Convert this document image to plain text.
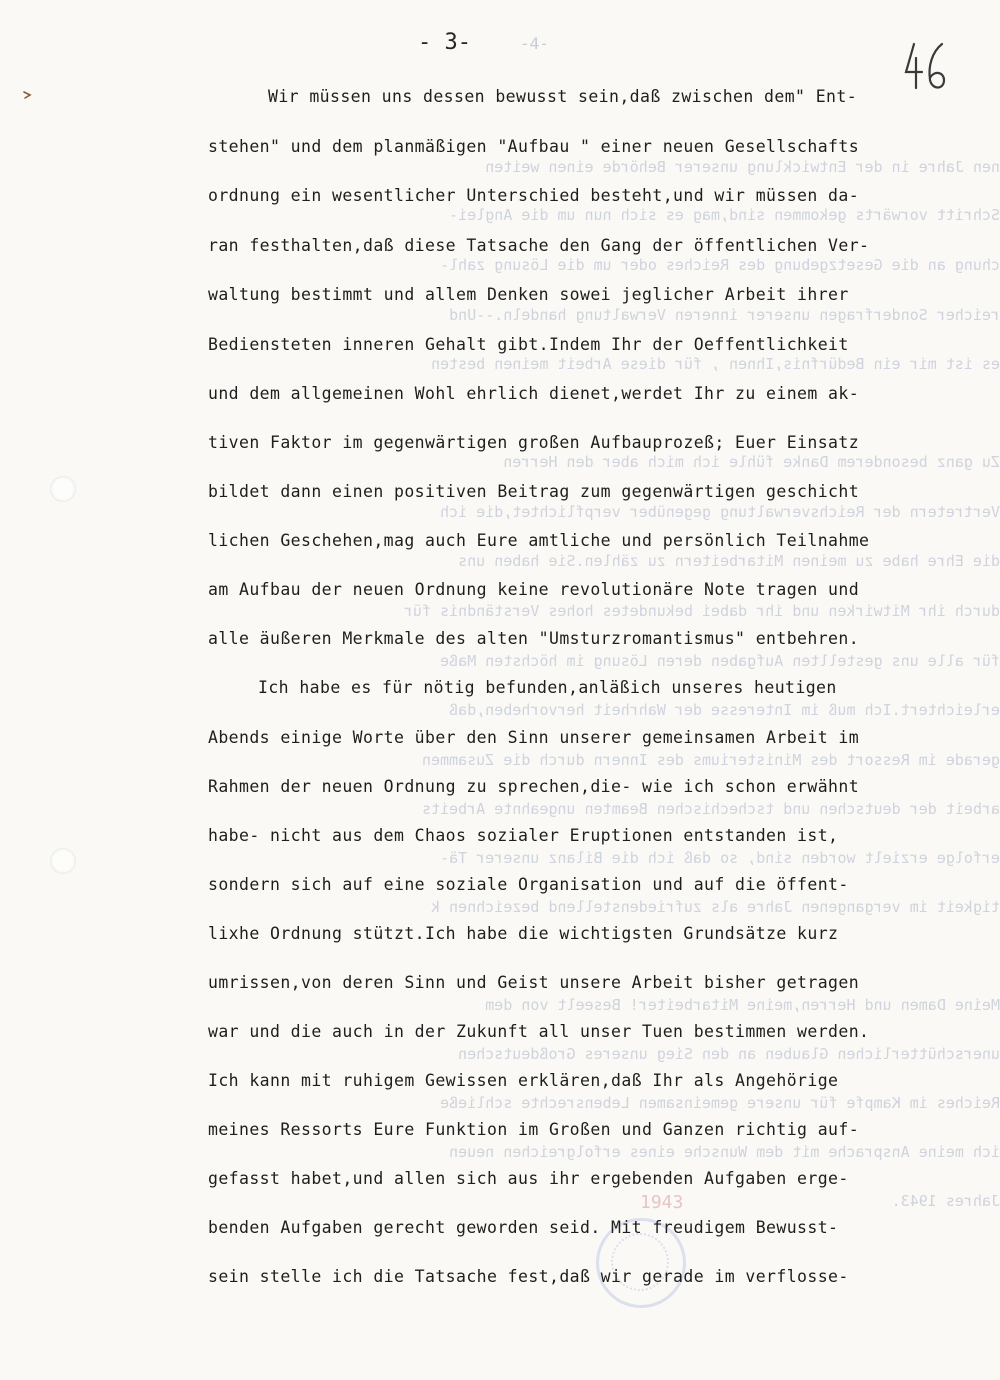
nen Jahre in der Entwicklung unserer Behörde einen weiten
Schritt vorwärts gekommen sind,mag es sich nun um die Anglei-
chung an die Gesetzgebung des Reiches oder um die Lösung zahl-
reicher Sonderfragen unserer inneren Verwaltung handeln.--Und
es ist mir ein Bedürfnis,Ihnen , für diese Arbeit meinen besten
Zu ganz besonderem Danke fühle ich mich aber den Herren
Vertretern der Reichsverwaltung gegenüber verpflichtet,die ich
die Ehre habe zu meinen Mitarbeitern zu zählen.Sie haben uns
durch ihr Mitwirken und ihr dabei bekundetes hohes Verständnis für
für alle uns gestellten Aufgaben deren Lösung im höchsten Maße
erleichtert.Ich muß im Interesse der Wahrheit hervorheben,daß
gerade im Ressort des Ministeriums des Innern durch die Zusammen
arbeit der deutschen und tschechischen Beamten ungeahnte Arbeits
erfolge erzielt worden sind, so daß ich die Bilanz unserer Tä-
tigkeit im vergangenen Jahre als zufriedenstellend bezeichnen k
Meine Damen und Herren,meine Mitarbeiter! Beseelt von dem
unerschütterlichen Glauben an den Sieg unseres Großdeutschen
Reiches im Kampfe für unsere gemeinsamen Lebensrechte schließe
ich meine Ansprache mit dem Wunsche eines erfolgreichen neuen
Jahres 1943.
1943
- 3-	-4-
Wir müssen uns dessen bewusst sein,daß zwischen dem" Ent-
stehen" und dem planmäßigen "Aufbau " einer neuen Gesellschafts
ordnung ein wesentlicher Unterschied besteht,und wir müssen da-
ran festhalten,daß diese Tatsache den Gang der öffentlichen Ver-
waltung bestimmt und allem Denken sowei jeglicher Arbeit ihrer
Bediensteten inneren Gehalt gibt.Indem Ihr der Oeffentlichkeit
und dem allgemeinen Wohl ehrlich dienet,werdet Ihr zu einem ak-
tiven Faktor im gegenwärtigen großen Aufbauprozeß; Euer Einsatz
bildet dann einen positiven Beitrag zum gegenwärtigen geschicht
lichen Geschehen,mag auch Eure amtliche und persönlich Teilnahme
am Aufbau der neuen Ordnung keine revolutionäre Note tragen und
alle äußeren Merkmale des alten "Umsturzromantismus" entbehren.
Ich habe es für nötig befunden,anläßich unseres heutigen
Abends einige Worte über den Sinn unserer gemeinsamen Arbeit im
Rahmen der neuen Ordnung zu sprechen,die- wie ich schon erwähnt
habe- nicht aus dem Chaos sozialer Eruptionen entstanden ist,
sondern sich auf eine soziale Organisation und auf die öffent-
lixhe Ordnung stützt.Ich habe die wichtigsten Grundsätze kurz
umrissen,von deren Sinn und Geist unsere Arbeit bisher getragen
war und die auch in der Zukunft all unser Tuen bestimmen werden.
Ich kann mit ruhigem Gewissen erklären,daß Ihr als Angehörige
meines Ressorts Eure Funktion im Großen und Ganzen richtig auf-
gefasst habet,und allen sich aus ihr ergebenden Aufgaben erge-
benden Aufgaben gerecht geworden seid. Mit freudigem Bewusst-
sein stelle ich die Tatsache fest,daß wir gerade im verflosse-
